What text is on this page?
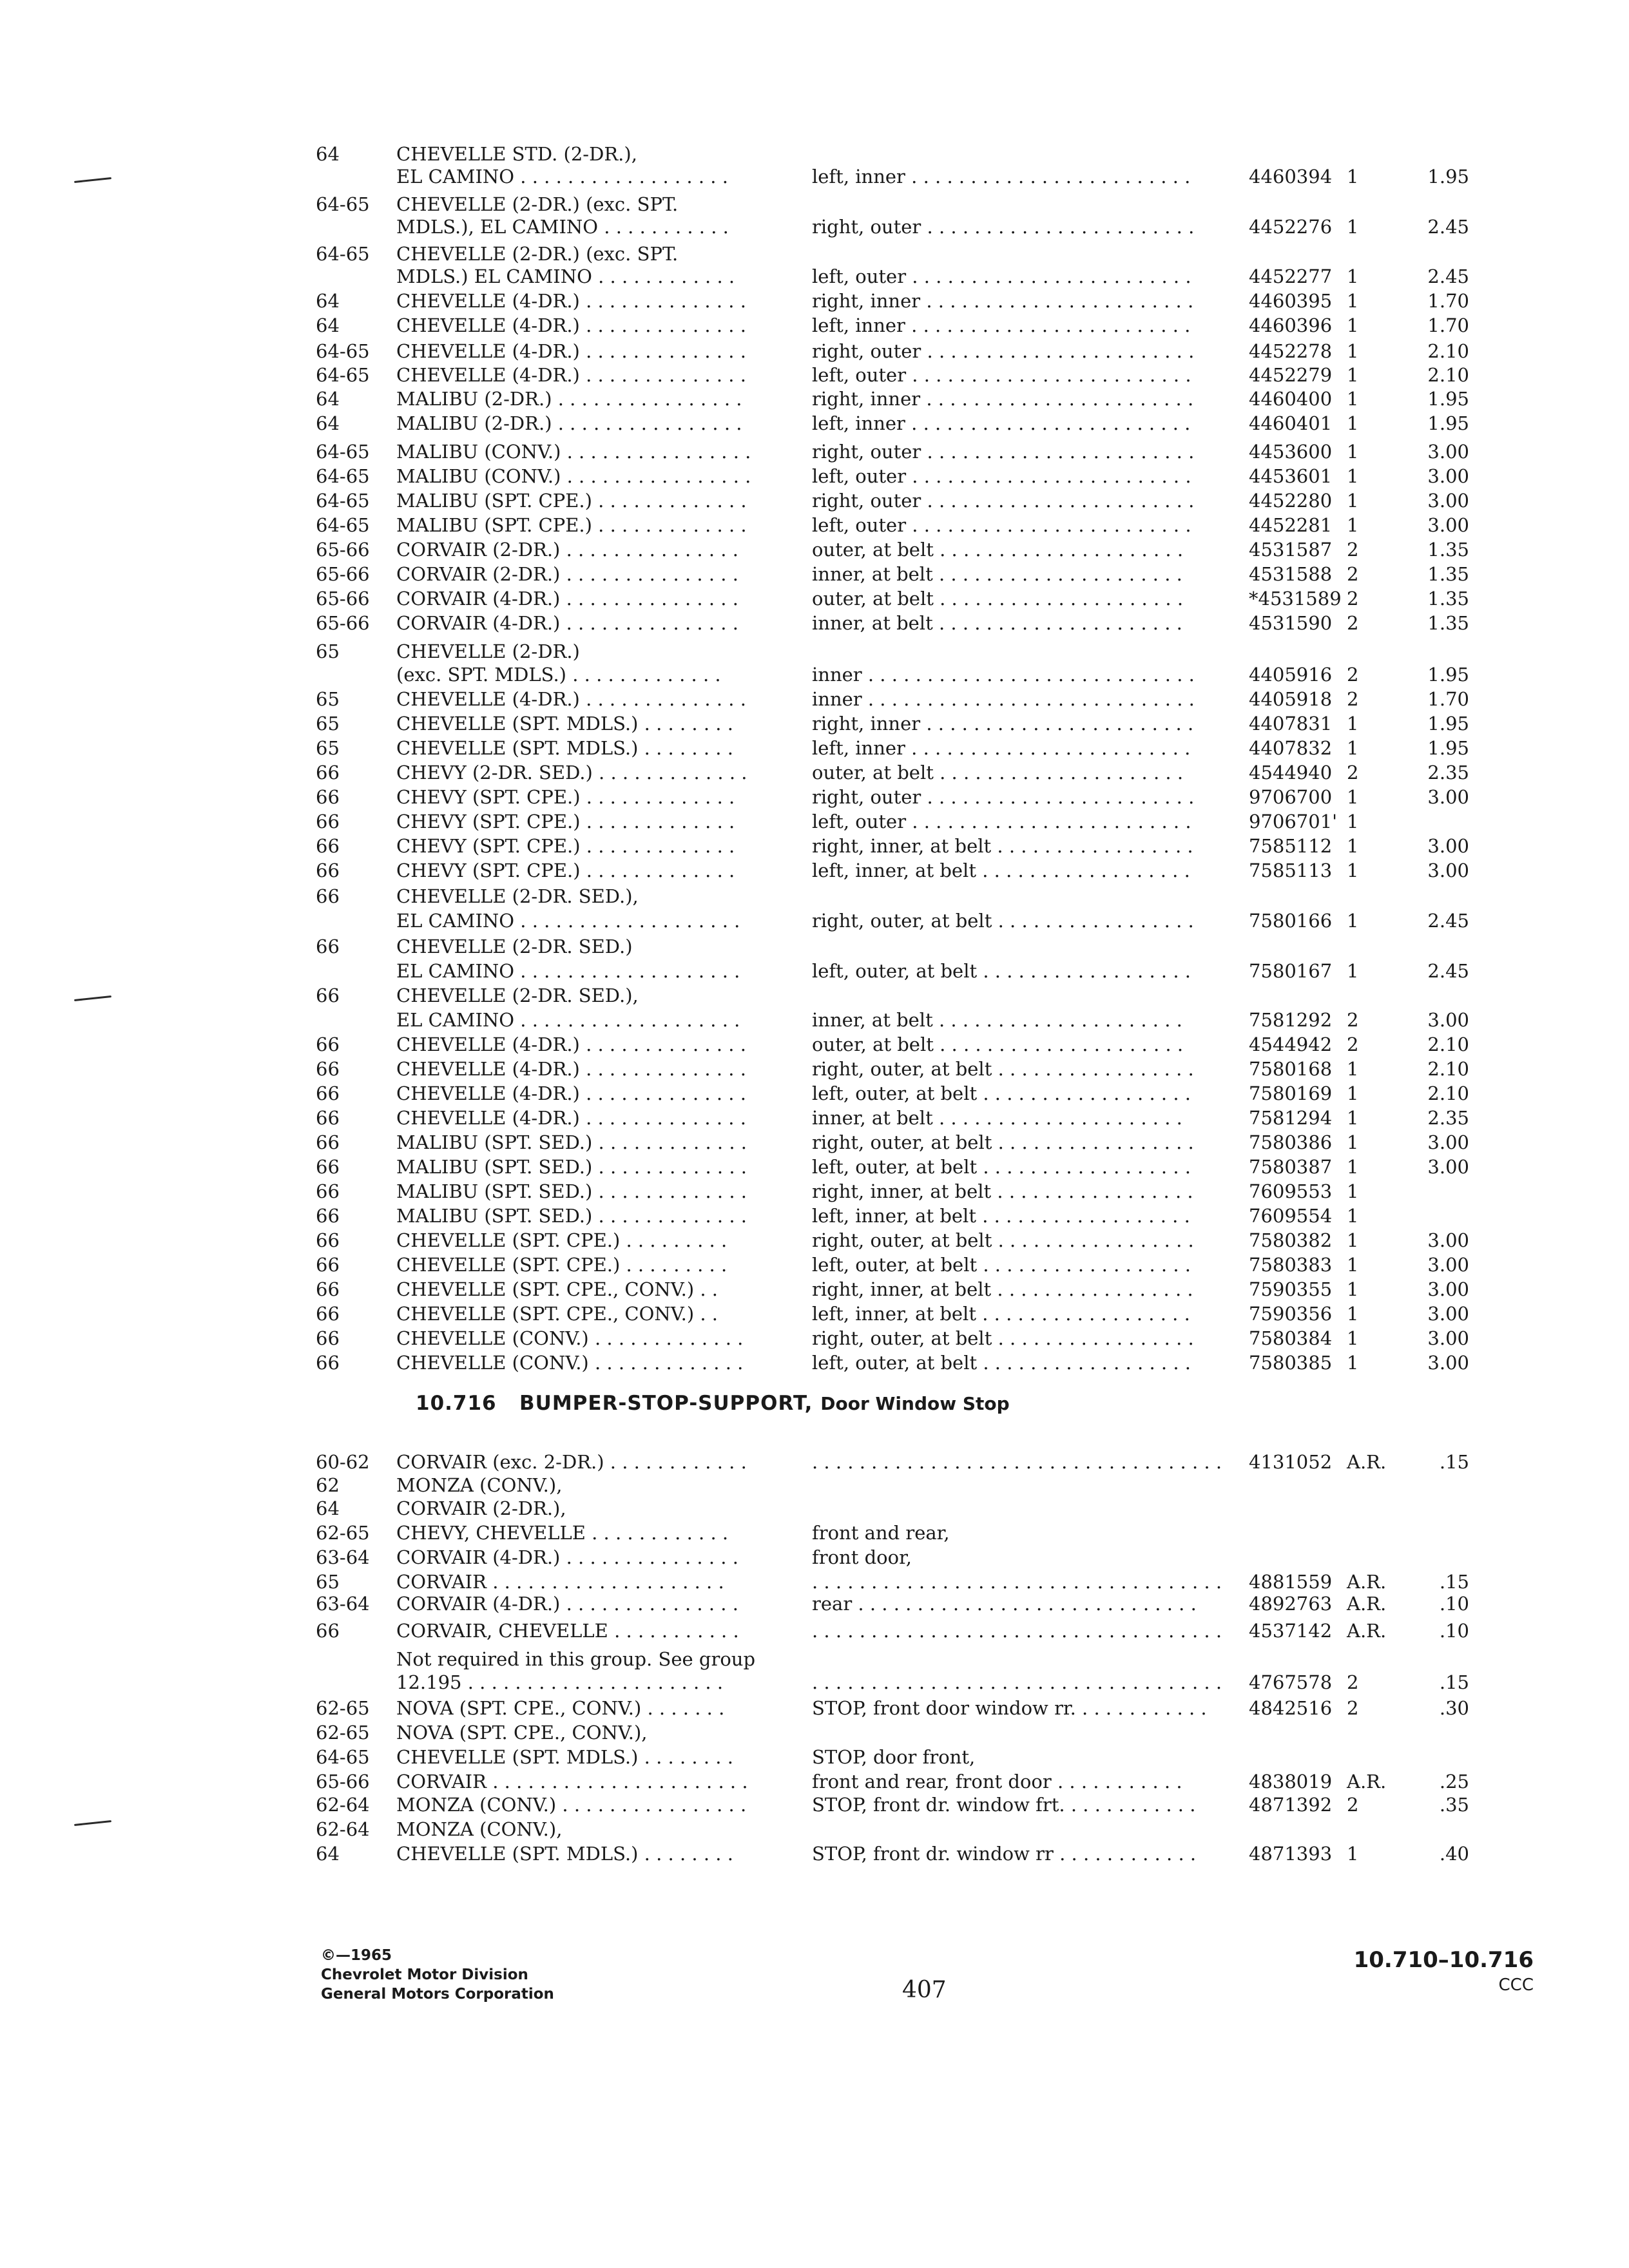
64	CHEVELLE STD. (2-DR.),
EL CAMINO . . . . . . . . . . . . . . . . . .	left, inner . . . . . . . . . . . . . . . . . . . . . . . .	4460394 1	1.95
64-65	CHEVELLE (2-DR.) (exc. SPT.
MDLS.), EL CAMINO . . . . . . . . . . .	right, outer . . . . . . . . . . . . . . . . . . . . . . .	4452276 1	2.45
64-65	CHEVELLE (2-DR.) (exc. SPT.
MDLS.) EL CAMINO . . . . . . . . . . . .	left, outer . . . . . . . . . . . . . . . . . . . . . . . .	4452277 1	2.45
64	CHEVELLE (4-DR.) . . . . . . . . . . . . . .	right, inner . . . . . . . . . . . . . . . . . . . . . . .	4460395 1	1.70
64	CHEVELLE (4-DR.) . . . . . . . . . . . . . .	left, inner . . . . . . . . . . . . . . . . . . . . . . . .	4460396 1	1.70
64-65	CHEVELLE (4-DR.) . . . . . . . . . . . . . .	right, outer . . . . . . . . . . . . . . . . . . . . . . .	4452278 1	2.10
64-65	CHEVELLE (4-DR.) . . . . . . . . . . . . . .	left, outer . . . . . . . . . . . . . . . . . . . . . . . .	4452279 1	2.10
64	MALIBU (2-DR.) . . . . . . . . . . . . . . . .	right, inner . . . . . . . . . . . . . . . . . . . . . . .	4460400 1	1.95
64	MALIBU (2-DR.) . . . . . . . . . . . . . . . .	left, inner . . . . . . . . . . . . . . . . . . . . . . . .	4460401 1	1.95
64-65	MALIBU (CONV.) . . . . . . . . . . . . . . . .	right, outer . . . . . . . . . . . . . . . . . . . . . . .	4453600 1	3.00
64-65	MALIBU (CONV.) . . . . . . . . . . . . . . . .	left, outer . . . . . . . . . . . . . . . . . . . . . . . .	4453601 1	3.00
64-65	MALIBU (SPT. CPE.) . . . . . . . . . . . . .	right, outer . . . . . . . . . . . . . . . . . . . . . . .	4452280 1	3.00
64-65	MALIBU (SPT. CPE.) . . . . . . . . . . . . .	left, outer . . . . . . . . . . . . . . . . . . . . . . . .	4452281 1	3.00
65-66	CORVAIR (2-DR.) . . . . . . . . . . . . . . .	outer, at belt . . . . . . . . . . . . . . . . . . . . .	4531587 2	1.35
65-66	CORVAIR (2-DR.) . . . . . . . . . . . . . . .	inner, at belt . . . . . . . . . . . . . . . . . . . . .	4531588 2	1.35
65-66	CORVAIR (4-DR.) . . . . . . . . . . . . . . .	outer, at belt . . . . . . . . . . . . . . . . . . . . .	*4531589 2	1.35
65-66	CORVAIR (4-DR.) . . . . . . . . . . . . . . .	inner, at belt . . . . . . . . . . . . . . . . . . . . .	4531590 2	1.35
65	CHEVELLE (2-DR.)
(exc. SPT. MDLS.) . . . . . . . . . . . . .	inner . . . . . . . . . . . . . . . . . . . . . . . . . . . .	4405916 2	1.95
65	CHEVELLE (4-DR.) . . . . . . . . . . . . . .	inner . . . . . . . . . . . . . . . . . . . . . . . . . . . .	4405918 2	1.70
65	CHEVELLE (SPT. MDLS.) . . . . . . . .	right, inner . . . . . . . . . . . . . . . . . . . . . . .	4407831 1	1.95
65	CHEVELLE (SPT. MDLS.) . . . . . . . .	left, inner . . . . . . . . . . . . . . . . . . . . . . . .	4407832 1	1.95
66	CHEVY (2-DR. SED.) . . . . . . . . . . . . .	outer, at belt . . . . . . . . . . . . . . . . . . . . .	4544940 2	2.35
66	CHEVY (SPT. CPE.) . . . . . . . . . . . . .	right, outer . . . . . . . . . . . . . . . . . . . . . . .	9706700 1	3.00
66	CHEVY (SPT. CPE.) . . . . . . . . . . . . .	left, outer . . . . . . . . . . . . . . . . . . . . . . . .	9706701' 1
66	CHEVY (SPT. CPE.) . . . . . . . . . . . . .	right, inner, at belt . . . . . . . . . . . . . . . . .	7585112 1	3.00
66	CHEVY (SPT. CPE.) . . . . . . . . . . . . .	left, inner, at belt . . . . . . . . . . . . . . . . . .	7585113 1	3.00
66	CHEVELLE (2-DR. SED.),
EL CAMINO . . . . . . . . . . . . . . . . . . .	right, outer, at belt . . . . . . . . . . . . . . . . .	7580166 1	2.45
66	CHEVELLE (2-DR. SED.)
EL CAMINO . . . . . . . . . . . . . . . . . . .	left, outer, at belt . . . . . . . . . . . . . . . . . .	7580167 1	2.45
66	CHEVELLE (2-DR. SED.),
EL CAMINO . . . . . . . . . . . . . . . . . . .	inner, at belt . . . . . . . . . . . . . . . . . . . . .	7581292 2	3.00
66	CHEVELLE (4-DR.) . . . . . . . . . . . . . .	outer, at belt . . . . . . . . . . . . . . . . . . . . .	4544942 2	2.10
66	CHEVELLE (4-DR.) . . . . . . . . . . . . . .	right, outer, at belt . . . . . . . . . . . . . . . . .	7580168 1	2.10
66	CHEVELLE (4-DR.) . . . . . . . . . . . . . .	left, outer, at belt . . . . . . . . . . . . . . . . . .	7580169 1	2.10
66	CHEVELLE (4-DR.) . . . . . . . . . . . . . .	inner, at belt . . . . . . . . . . . . . . . . . . . . .	7581294 1	2.35
66	MALIBU (SPT. SED.) . . . . . . . . . . . . .	right, outer, at belt . . . . . . . . . . . . . . . . .	7580386 1	3.00
66	MALIBU (SPT. SED.) . . . . . . . . . . . . .	left, outer, at belt . . . . . . . . . . . . . . . . . .	7580387 1	3.00
66	MALIBU (SPT. SED.) . . . . . . . . . . . . .	right, inner, at belt . . . . . . . . . . . . . . . . .	7609553 1
66	MALIBU (SPT. SED.) . . . . . . . . . . . . .	left, inner, at belt . . . . . . . . . . . . . . . . . .	7609554 1
66	CHEVELLE (SPT. CPE.) . . . . . . . . .	right, outer, at belt . . . . . . . . . . . . . . . . .	7580382 1	3.00
66	CHEVELLE (SPT. CPE.) . . . . . . . . .	left, outer, at belt . . . . . . . . . . . . . . . . . .	7580383 1	3.00
66	CHEVELLE (SPT. CPE., CONV.) . .	right, inner, at belt . . . . . . . . . . . . . . . . .	7590355 1	3.00
66	CHEVELLE (SPT. CPE., CONV.) . .	left, inner, at belt . . . . . . . . . . . . . . . . . .	7590356 1	3.00
66	CHEVELLE (CONV.) . . . . . . . . . . . . .	right, outer, at belt . . . . . . . . . . . . . . . . .	7580384 1	3.00
66	CHEVELLE (CONV.) . . . . . . . . . . . . .	left, outer, at belt . . . . . . . . . . . . . . . . . .	7580385 1	3.00
60-62	CORVAIR (exc. 2-DR.) . . . . . . . . . . . .	. . . . . . . . . . . . . . . . . . . . . . . . . . . . . . . . . . .	4131052 A.R.	.15
62	MONZA (CONV.),
64	CORVAIR (2-DR.),
62-65	CHEVY, CHEVELLE . . . . . . . . . . . .	front and rear,
63-64	CORVAIR (4-DR.) . . . . . . . . . . . . . . .	front door,
65	CORVAIR . . . . . . . . . . . . . . . . . . . .	. . . . . . . . . . . . . . . . . . . . . . . . . . . . . . . . . . .	4881559 A.R.	.15
63-64	CORVAIR (4-DR.) . . . . . . . . . . . . . . .	rear . . . . . . . . . . . . . . . . . . . . . . . . . . . . .	4892763 A.R.	.10
66	CORVAIR, CHEVELLE . . . . . . . . . . .	. . . . . . . . . . . . . . . . . . . . . . . . . . . . . . . . . . .	4537142 A.R.	.10
Not required in this group. See group
12.195 . . . . . . . . . . . . . . . . . . . . . .	. . . . . . . . . . . . . . . . . . . . . . . . . . . . . . . . . . .	4767578 2	.15
62-65	NOVA (SPT. CPE., CONV.) . . . . . . .	STOP, front door window rr. . . . . . . . . . . .	4842516 2	.30
62-65	NOVA (SPT. CPE., CONV.),
64-65	CHEVELLE (SPT. MDLS.) . . . . . . . .	STOP, door front,
65-66	CORVAIR . . . . . . . . . . . . . . . . . . . . . .	front and rear, front door . . . . . . . . . . .	4838019 A.R.	.25
62-64	MONZA (CONV.) . . . . . . . . . . . . . . . .	STOP, front dr. window frt. . . . . . . . . . . .	4871392 2	.35
62-64	MONZA (CONV.),
64	CHEVELLE (SPT. MDLS.) . . . . . . . .	STOP, front dr. window rr . . . . . . . . . . . .	4871393 1	.40
10.716 BUMPER-STOP-SUPPORT, Door Window Stop
©—1965
Chevrolet Motor Division
General Motors Corporation	407
10.710–10.716
CCC
